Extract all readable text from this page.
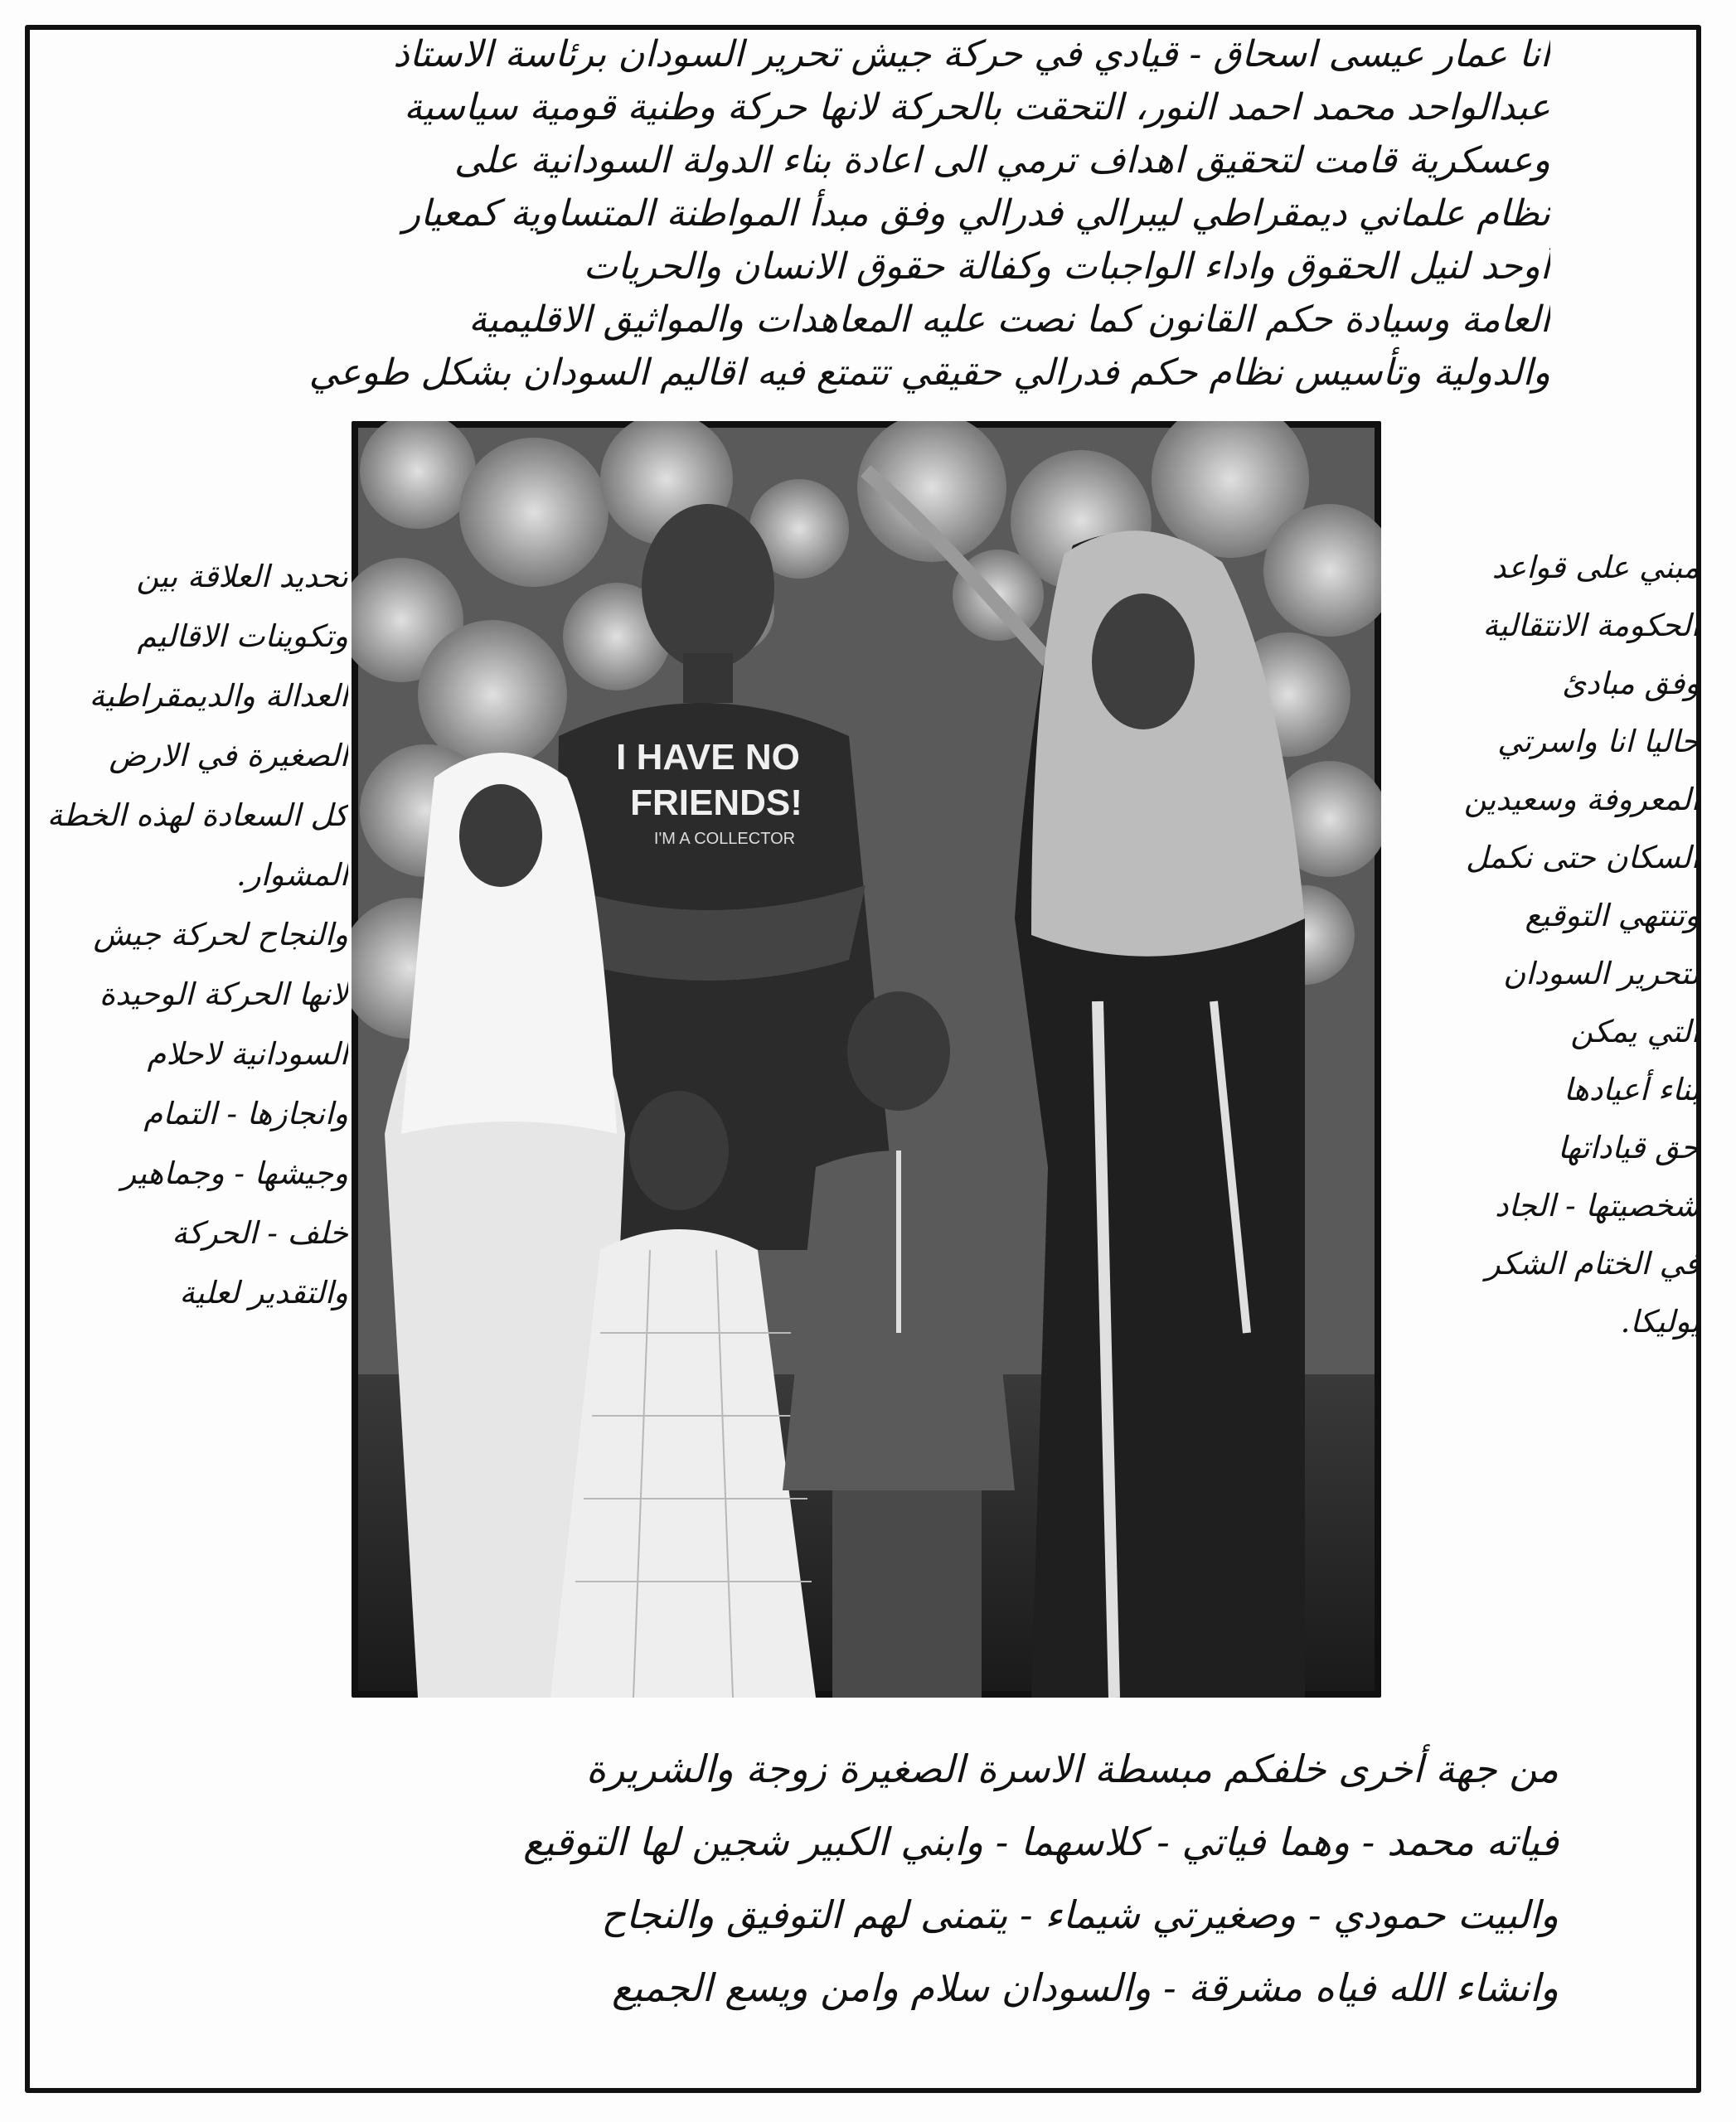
انا عمار عيسى اسحاق - قيادي في حركة جيش تحرير السودان برئاسة الاستاذ

عبدالواحد محمد احمد النور، التحقت بالحركة لانها حركة وطنية قومية سياسية

وعسكرية قامت لتحقيق اهداف ترمي الى اعادة بناء الدولة السودانية على

نظام علماني ديمقراطي ليبرالي فدرالي وفق مبدأ المواطنة المتساوية كمعيار

أوحد لنيل الحقوق واداء الواجبات وكفالة حقوق الانسان والحريات

العامة وسيادة حكم القانون كما نصت عليه المعاهدات والمواثيق الاقليمية

والدولية وتأسيس نظام حكم فدرالي حقيقي تتمتع فيه اقاليم السودان بشكل طوعي

تحديد العلاقة بين

وتكوينات الاقاليم

العدالة والديمقراطية

الصغيرة في الارض

كل السعادة لهذه الخطة

المشوار.

والنجاح لحركة جيش

لانها الحركة الوحيدة

السودانية لاحلام

وانجازها - التمام

وجيشها - وجماهير

خلف - الحركة

والتقدير لعلية

مبني على قواعد

الحكومة الانتقالية

وفق مبادئ

حاليا انا واسرتي

المعروفة وسعيدين

السكان حتى نكمل

وتنتهي التوقيع

لتحرير السودان

التي يمكن

بناء أعيادها

حق قياداتها

شخصيتها - الجاد

في الختام الشكر

يوليكا.

I HAVE NO
FRIENDS!
I'M A COLLECTOR

من جهة أخرى خلفكم مبسطة الاسرة الصغيرة زوجة والشريرة

فياته محمد - وهما فياتي - كلاسهما - وابني الكبير شجين لها التوقيع

والبيت حمودي - وصغيرتي شيماء - يتمنى لهم التوفيق والنجاح

وانشاء الله فياه مشرقة - والسودان سلام وامن ويسع الجميع
